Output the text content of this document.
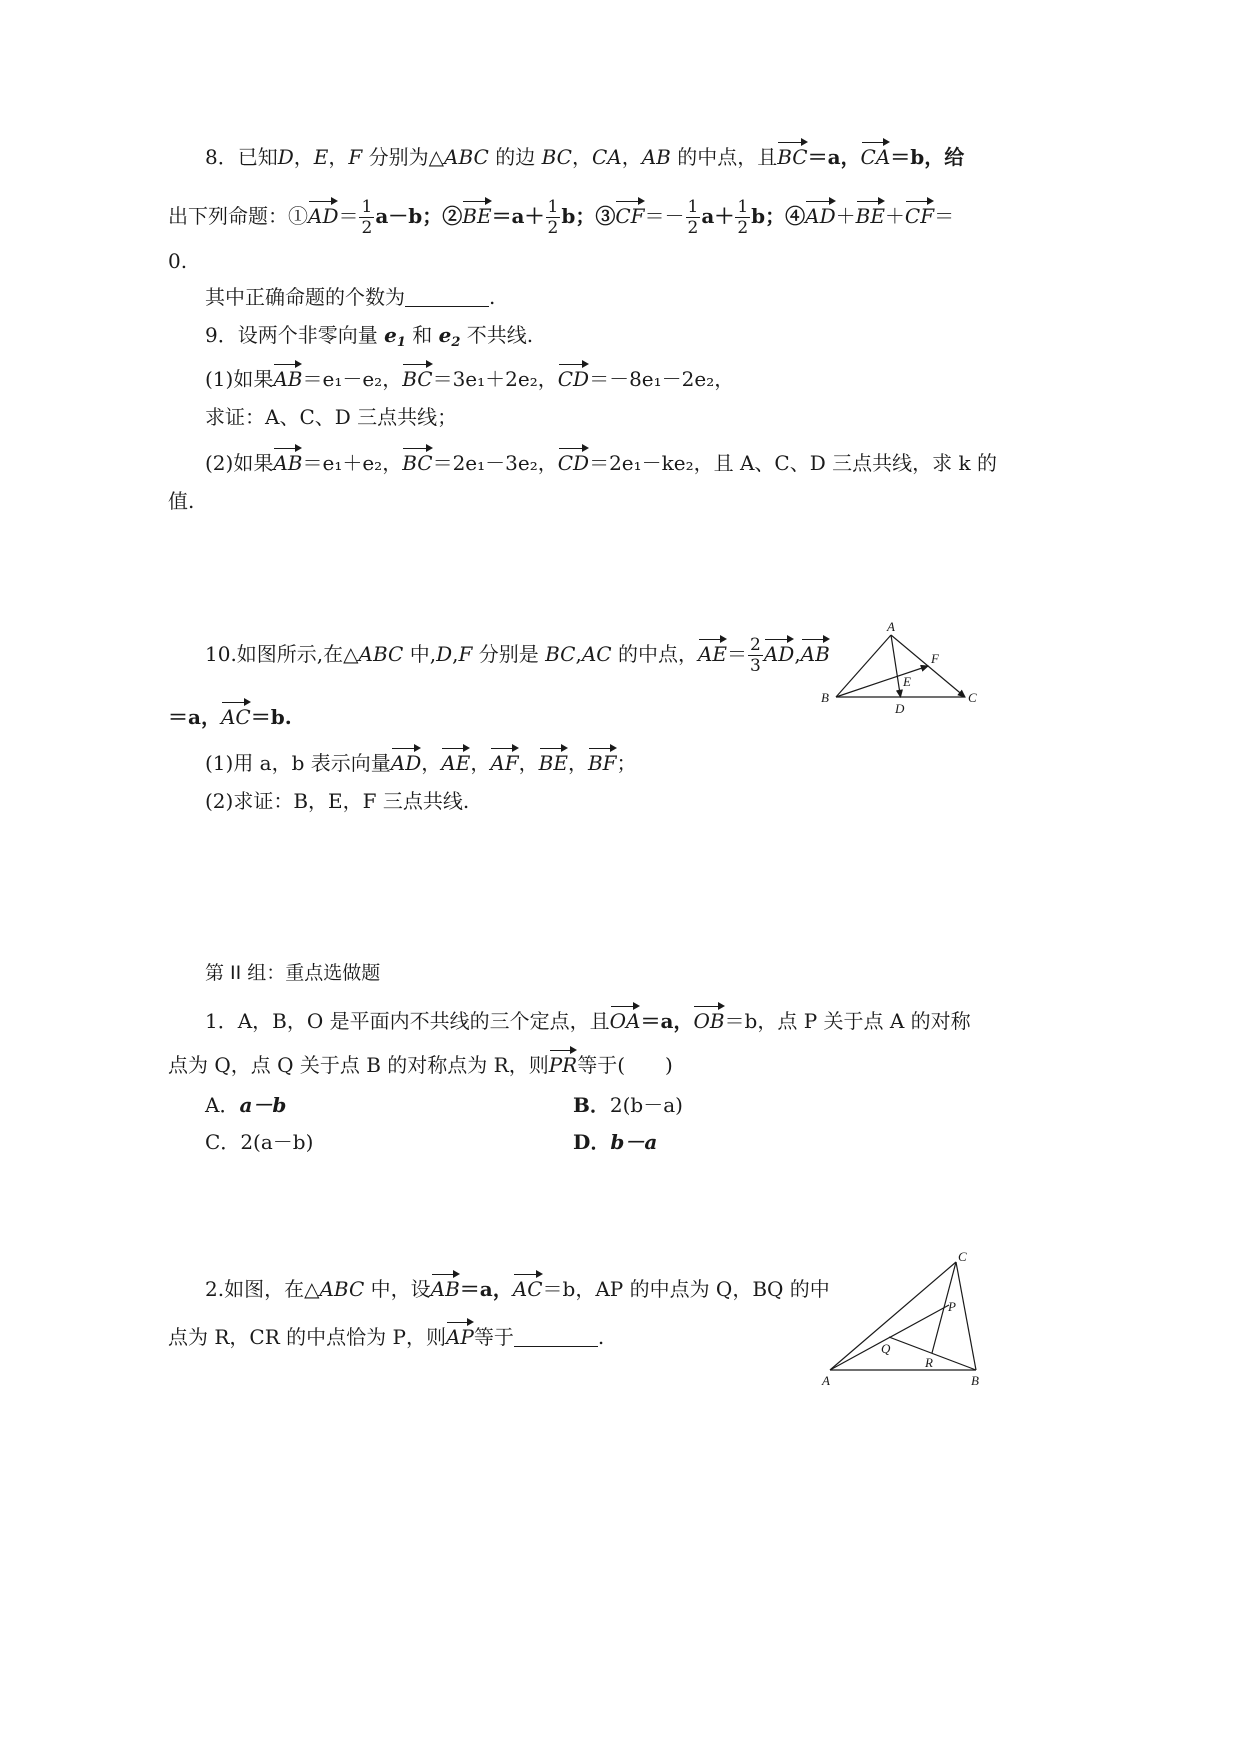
8．已知D，E，F 分别为△ABC 的边 BC，CA，AB 的中点，且BC＝a，CA＝b，给
出下列命题：①AD＝ $\frac{1}{2} a-b$；②BE＝a＋ $\frac{1}{2}$ b；③CF＝－ $\frac{1}{2} a+ \frac{1}{2}$ b；④AD＋BE＋CF＝
0.
其中正确命题的个数为	.
9．设两个非零向量 $e_1$ 和 $e_2$ 不共线.
(1)如果AB＝e₁－e₂，BC＝3e₁＋2e₂，CD＝－8e₁－2e₂，
求证：A、C、D 三点共线；
(2)如果AB＝e₁＋e₂，BC＝2e₁－3e₂，CD＝2e₁－ke₂，且 A、C、D 三点共线，求 k 的
值.
10.如图所示,在△ABC 中,D,F 分别是 BC,AC 的中点，$AE= \frac{2}{3} AD,AB$
＝a，AC＝b.
(1)用 a，b 表示向量AD，AE，AF，BE，BF；
(2)求证：B，E，F 三点共线.
A
B	C
D
E
F
第 II 组：重点选做题
1．A，B，O 是平面内不共线的三个定点，且OA＝a，OB＝b，点 P 关于点 A 的对称
点为 Q，点 Q 关于点 B 的对称点为 R，则PR等于(　　)
A．a－b	B．2(b－a)
C．2(a－b)	D．b－a
2.如图，在△ABC 中，设AB＝a，AC＝b，AP 的中点为 Q，BQ 的中
点为 R，CR 的中点恰为 P，则AP等于	.
C
A	B
P
Q
R
